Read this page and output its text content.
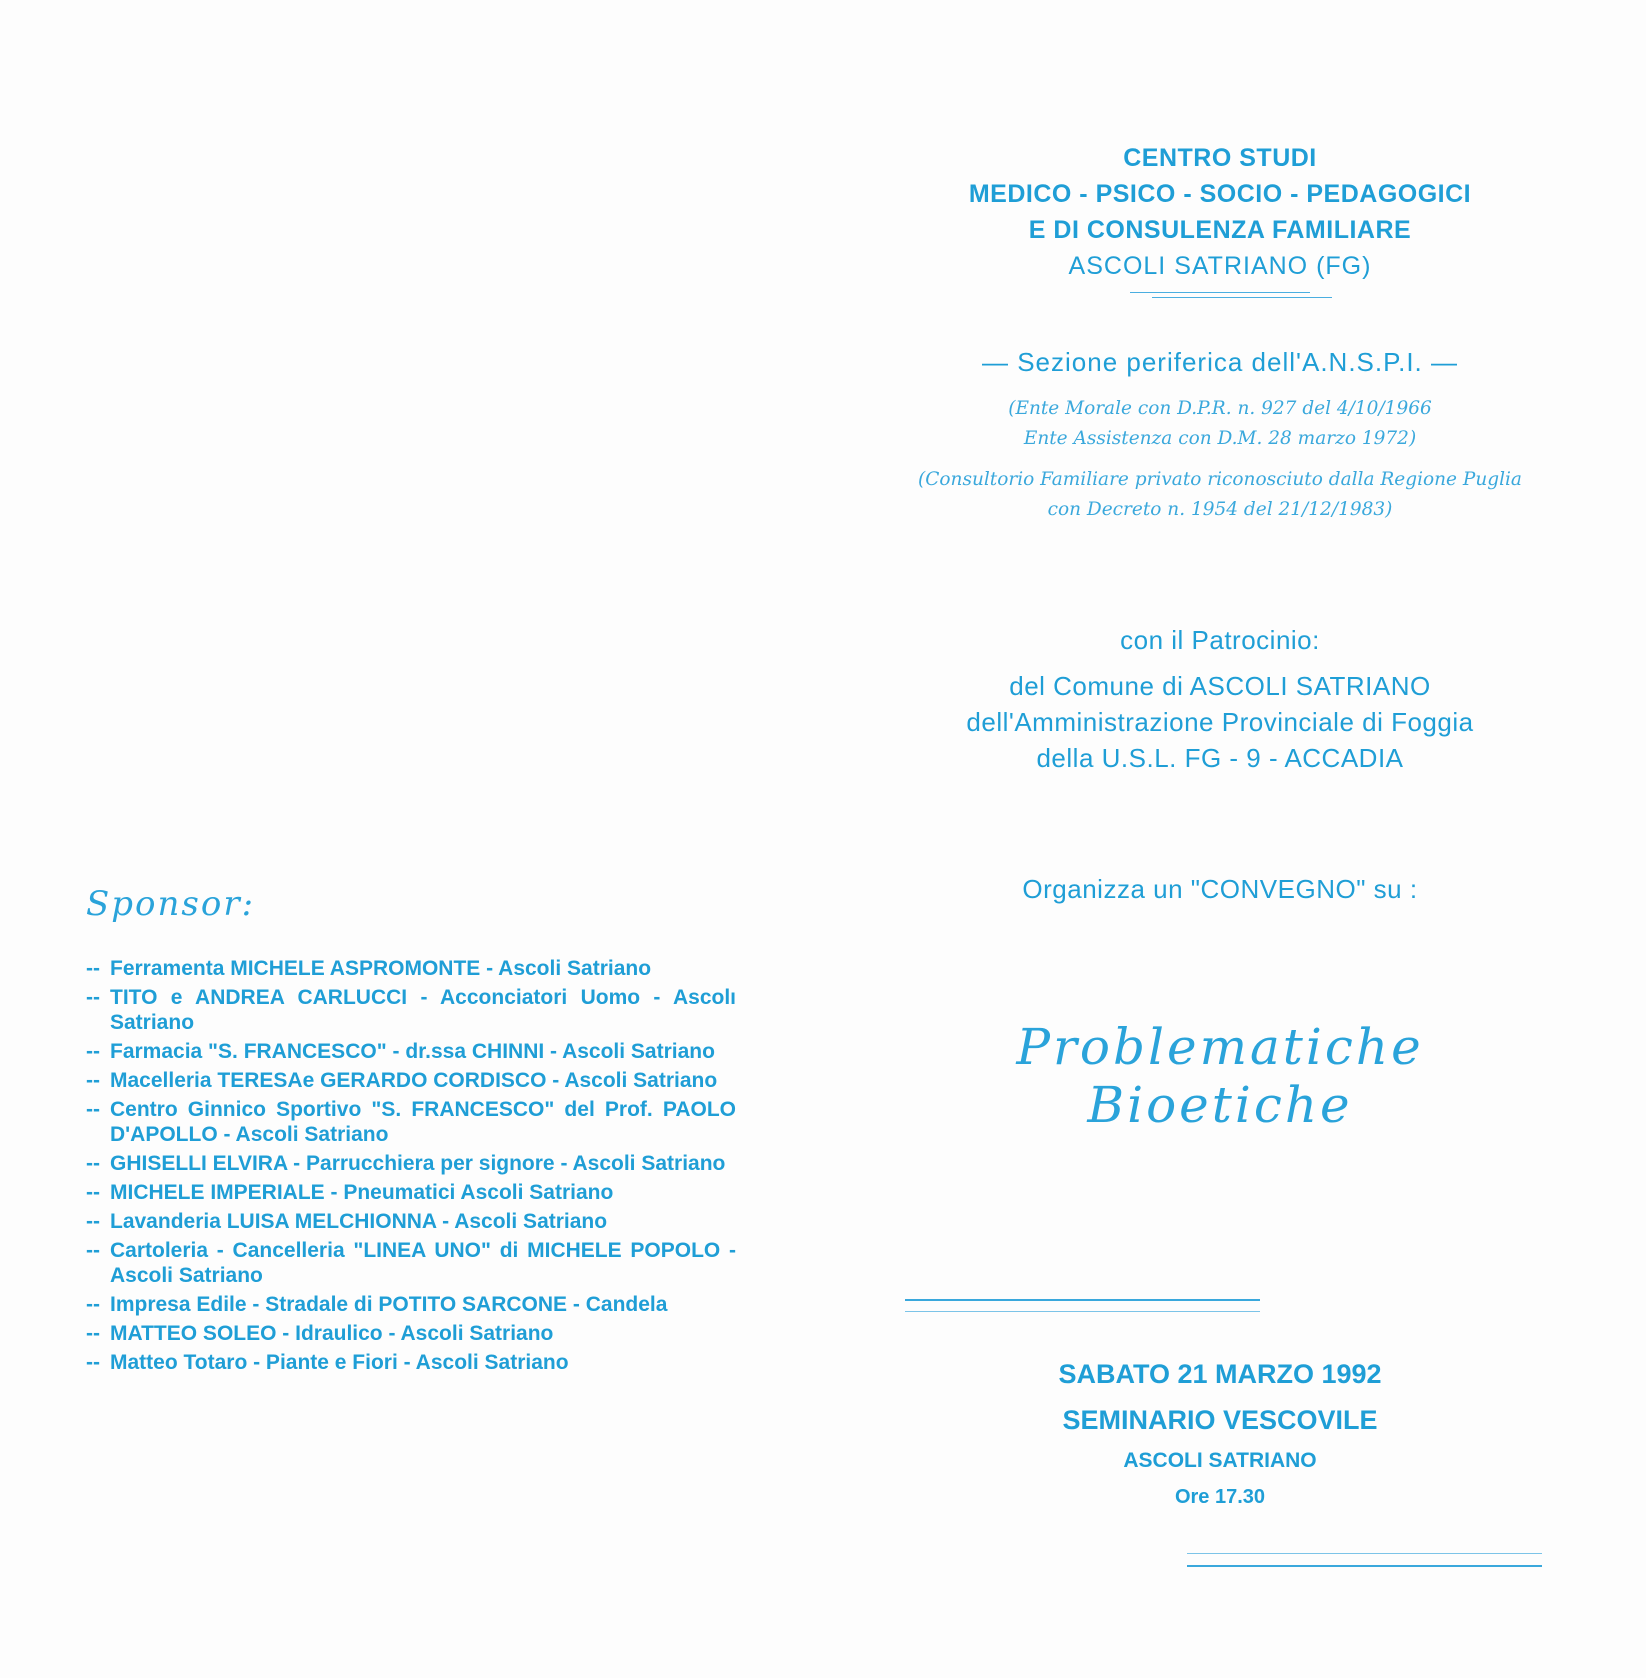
Sponsor:
-- Ferramenta MICHELE ASPROMONTE - Ascoli Satriano
-- TITO e ANDREA CARLUCCI - Acconciatori Uomo - Ascolı Satriano
-- Farmacia "S. FRANCESCO" - dr.ssa CHINNI - Ascoli Satriano
-- Macelleria TERESAe GERARDO CORDISCO - Ascoli Satriano
-- Centro Ginnico Sportivo "S. FRANCESCO" del Prof. PAOLO D'APOLLO - Ascoli Satriano
-- GHISELLI ELVIRA - Parrucchiera per signore - Ascoli Satriano
-- MICHELE IMPERIALE - Pneumatici Ascoli Satriano
-- Lavanderia LUISA MELCHIONNA - Ascoli Satriano
-- Cartoleria - Cancelleria "LINEA UNO" di MICHELE POPOLO - Ascoli Satriano
-- Impresa Edile - Stradale di POTITO SARCONE - Candela
-- MATTEO SOLEO - Idraulico - Ascoli Satriano
-- Matteo Totaro - Piante e Fiori - Ascoli Satriano
CENTRO STUDI
MEDICO - PSICO - SOCIO - PEDAGOGICI
E DI CONSULENZA FAMILIARE
ASCOLI SATRIANO (FG)
— Sezione periferica dell'A.N.S.P.I. —
(Ente Morale con D.P.R. n. 927 del 4/10/1966
Ente Assistenza con D.M. 28 marzo 1972)
(Consultorio Familiare privato riconosciuto dalla Regione Puglia
con Decreto n. 1954 del 21/12/1983)
con il Patrocinio:
del Comune di ASCOLI SATRIANO
dell'Amministrazione Provinciale di Foggia
della U.S.L. FG - 9 - ACCADIA
Organizza un "CONVEGNO" su :
Problematiche Bioetiche
SABATO 21 MARZO 1992
SEMINARIO VESCOVILE
ASCOLI SATRIANO
Ore 17.30
